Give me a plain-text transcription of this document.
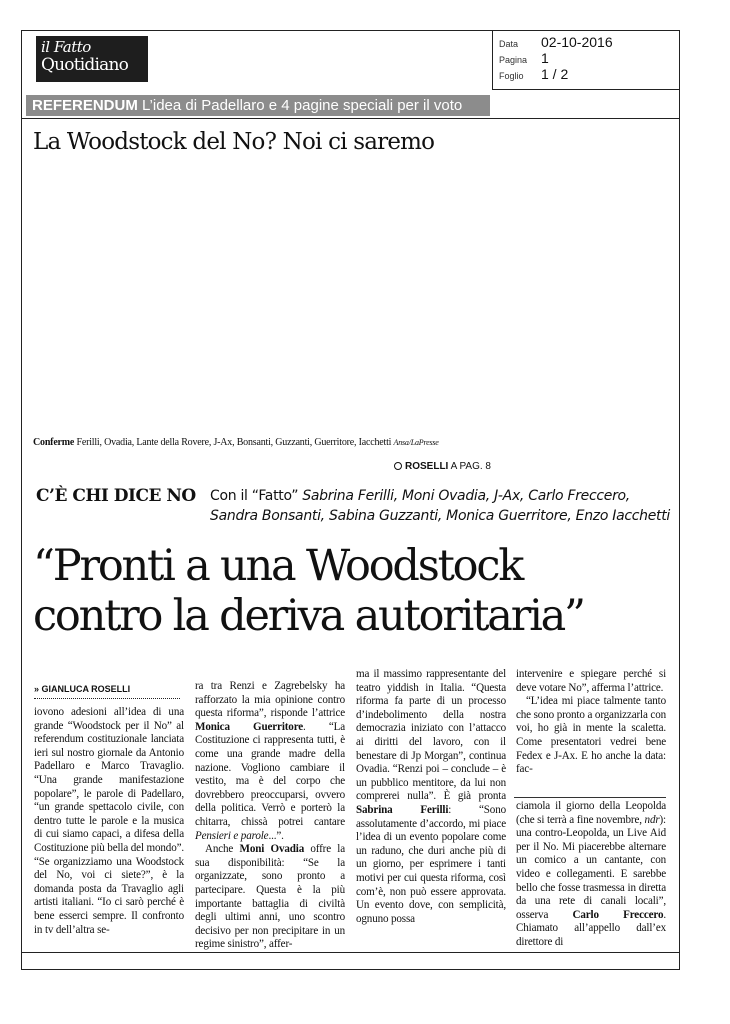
il Fatto
Quotidiano
Data	02-10-2016
Pagina 1
Foglio	1 / 2
REFERENDUM L’idea di Padellaro e 4 pagine speciali per il voto
La Woodstock del No? Noi ci saremo
Conferme Ferilli, Ovadia, Lante della Rovere, J-Ax, Bonsanti, Guzzanti, Guerritore, Iacchetti Ansa/LaPresse
ROSELLI A PAG. 8
C’È CHI DICE NO Con il “Fatto” Sabrina Ferilli, Moni Ovadia, J-Ax, Carlo Freccero, Sandra Bonsanti, Sabina Guzzanti, Monica Guerritore, Enzo Iacchetti
“Pronti a una Woodstock
contro la deriva autoritaria”
» GIANLUCA ROSELLI

iovono adesioni all’idea di una grande “Woodstock per il No” al referendum costituzionale lanciata ieri sul nostro giornale da Antonio Padellaro e Marco Travaglio. “Una grande manifestazione popolare”, le parole di Padellaro, “un grande spettacolo civile, con dentro tutte le parole e la musica di cui siamo capaci, a difesa della Costituzione più bella del mondo”. “Se organizziamo una Woodstock del No, voi ci siete?”, è la domanda posta da Travaglio agli artisti italiani. “Io ci sarò perché è bene esserci sempre. Il confronto in tv dell’altra se-

ra tra Renzi e Zagrebelsky ha rafforzato la mia opinione contro questa riforma”, risponde l’attrice Monica Guerritore. “La Costituzione ci rappresenta tutti, è come una grande madre della nazione. Vogliono cambiare il vestito, ma è del corpo che dovrebbero preoccuparsi, ovvero della politica. Verrò e porterò la chitarra, chissà potrei cantare Pensieri e parole...”.

Anche Moni Ovadia offre la sua disponibilità: “Se la organizzate, sono pronto a partecipare. Questa è la più importante battaglia di civiltà degli ultimi anni, uno scontro decisivo per non precipitare in un regime sinistro”, affer-

ma il massimo rappresentante del teatro yiddish in Italia. “Questa riforma fa parte di un processo d’indebolimento della nostra democrazia iniziato con l’attacco ai diritti del lavoro, con il benestare di Jp Morgan”, continua Ovadia. “Renzi poi – conclude – è un pubblico mentitore, da lui non comprerei nulla”. È già pronta Sabrina Ferilli: “Sono assolutamente d’accordo, mi piace l’idea di un evento popolare come un raduno, che duri anche più di un giorno, per esprimere i tanti motivi per cui questa riforma, così com’è, non può essere approvata. Un evento dove, con semplicità, ognuno possa

intervenire e spiegare perché si deve votare No”, afferma l’attrice.

“L’idea mi piace talmente tanto che sono pronto a organizzarla con voi, ho già in mente la scaletta. Come presentatori vedrei bene Fedex e J-Ax. E ho anche la data: fac-

ciamola il giorno della Leopolda (che si terrà a fine novembre, ndr): una contro-Leopolda, un Live Aid per il No. Mi piacerebbe alternare un comico a un cantante, con video e collegamenti. E sarebbe bello che fosse trasmessa in diretta da una rete di canali locali”, osserva Carlo Freccero. Chiamato all’appello dall’ex direttore di
